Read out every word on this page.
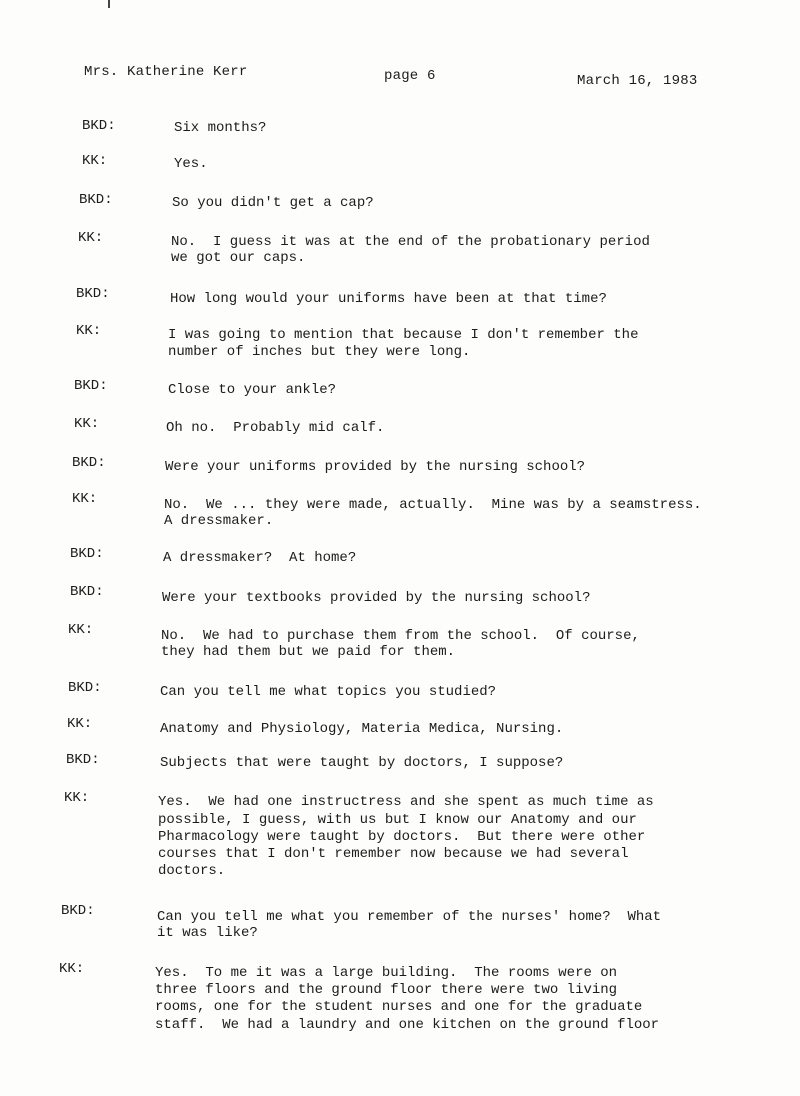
Mrs. Katherine Kerr	page 6	March 16, 1983
BKD:	Six months?
KK:	Yes.
BKD:	So you didn't get a cap?
KK:	No.  I guess it was at the end of the probationary period
we got our caps.
BKD:	How long would your uniforms have been at that time?
KK:	I was going to mention that because I don't remember the
number of inches but they were long.
BKD:	Close to your ankle?
KK:	Oh no.  Probably mid calf.
BKD:	Were your uniforms provided by the nursing school?
KK:	No.  We ... they were made, actually.  Mine was by a seamstress.
A dressmaker.
BKD:	A dressmaker?  At home?
BKD:	Were your textbooks provided by the nursing school?
KK:	No.  We had to purchase them from the school.  Of course,
they had them but we paid for them.
BKD:	Can you tell me what topics you studied?
KK:	Anatomy and Physiology, Materia Medica, Nursing.
BKD:	Subjects that were taught by doctors, I suppose?
KK:	Yes.  We had one instructress and she spent as much time as
possible, I guess, with us but I know our Anatomy and our
Pharmacology were taught by doctors.  But there were other
courses that I don't remember now because we had several
doctors.
BKD:	Can you tell me what you remember of the nurses' home?  What
it was like?
KK:	Yes.  To me it was a large building.  The rooms were on
three floors and the ground floor there were two living
rooms, one for the student nurses and one for the graduate
staff.  We had a laundry and one kitchen on the ground floor
